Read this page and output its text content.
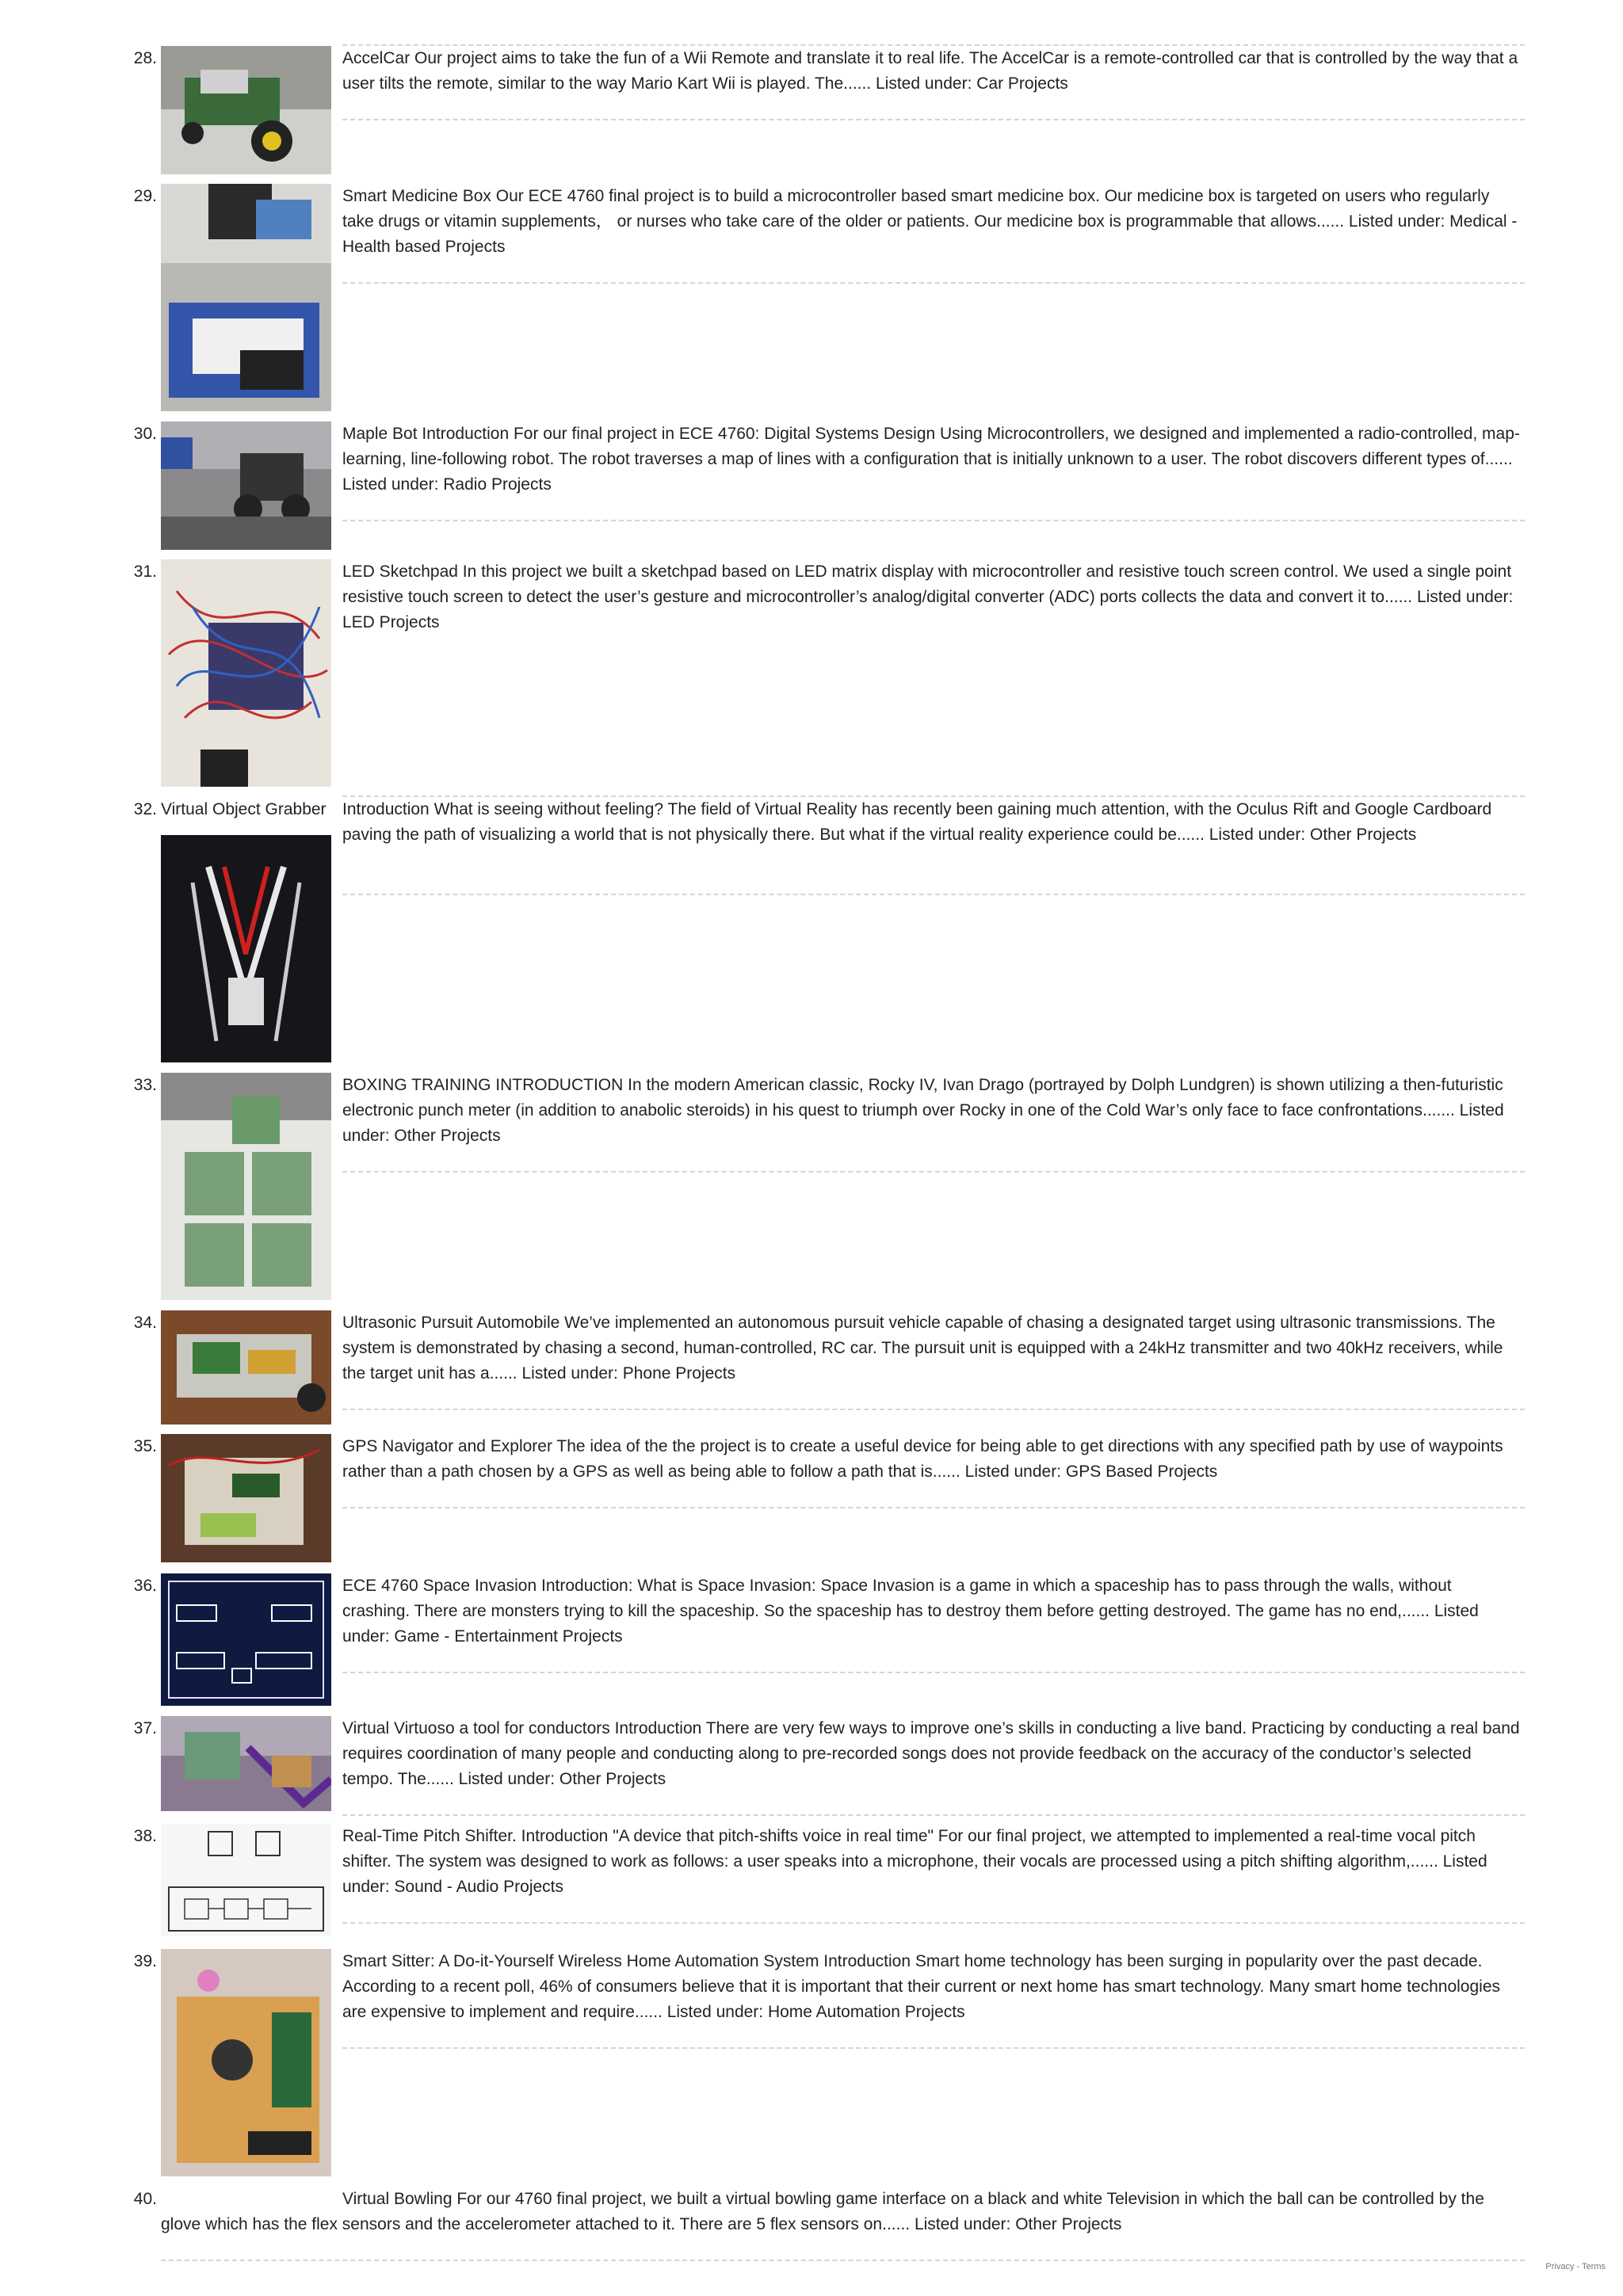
28.	AccelCar Our project aims to take the fun of a Wii Remote and translate it to real life. The AccelCar is a remote-controlled car that is controlled by the way that a user tilts the remote, similar to the way Mario Kart Wii is played. The...... Listed under: Car Projects

29.	Smart Medicine Box Our ECE 4760 final project is to build a microcontroller based smart medicine box. Our medicine box is targeted on users who regularly take drugs or vitamin supplements， or nurses who take care of the older or patients. Our medicine box is programmable that allows...... Listed under: Medical - Health based Projects

30.	Maple Bot Introduction For our final project in ECE 4760: Digital Systems Design Using Microcontrollers, we designed and implemented a radio-controlled, map-learning, line-following robot. The robot traverses a map of lines with a configuration that is initially unknown to a user. The robot discovers different types of...... Listed under: Radio Projects

31.	LED Sketchpad In this project we built a sketchpad based on LED matrix display with microcontroller and resistive touch screen control. We used a single point resistive touch screen to detect the user’s gesture and microcontroller’s analog/digital converter (ADC) ports collects the data and convert it to...... Listed under: LED Projects

32. Virtual Object Grabber Introduction What is seeing without feeling? The field of Virtual Reality has recently been gaining much attention, with the Oculus Rift and Google Cardboard paving the path of visualizing a world that is not physically there. But what if the virtual reality experience could be...... Listed under: Other Projects

33.	BOXING TRAINING INTRODUCTION In the modern American classic, Rocky IV, Ivan Drago (portrayed by Dolph Lundgren) is shown utilizing a then-futuristic electronic punch meter (in addition to anabolic steroids) in his quest to triumph over Rocky in one of the Cold War’s only face to face confrontations....... Listed under: Other Projects

34.	Ultrasonic Pursuit Automobile We’ve implemented an autonomous pursuit vehicle capable of chasing a designated target using ultrasonic transmissions. The system is demonstrated by chasing a second, human-controlled, RC car. The pursuit unit is equipped with a 24kHz transmitter and two 40kHz receivers, while the target unit has a...... Listed under: Phone Projects

35.	GPS Navigator and Explorer The idea of the the project is to create a useful device for being able to get directions with any specified path by use of waypoints rather than a path chosen by a GPS as well as being able to follow a path that is...... Listed under: GPS Based Projects

36.	ECE 4760 Space Invasion Introduction: What is Space Invasion: Space Invasion is a game in which a spaceship has to pass through the walls, without crashing. There are monsters trying to kill the spaceship. So the spaceship has to destroy them before getting destroyed. The game has no end,...... Listed under: Game - Entertainment Projects

37.	Virtual Virtuoso a tool for conductors Introduction There are very few ways to improve one’s skills in conducting a live band. Practicing by conducting a real band requires coordination of many people and conducting along to pre-recorded songs does not provide feedback on the accuracy of the conductor’s selected tempo. The...... Listed under: Other Projects

38.	Real-Time Pitch Shifter. Introduction "A device that pitch-shifts voice in real time" For our final project, we attempted to implemented a real-time vocal pitch shifter. The system was designed to work as follows: a user speaks into a microphone, their vocals are processed using a pitch shifting algorithm,...... Listed under: Sound - Audio Projects

39.	Smart Sitter: A Do-it-Yourself Wireless Home Automation System Introduction Smart home technology has been surging in popularity over the past decade. According to a recent poll, 46% of consumers believe that it is important that their current or next home has smart technology. Many smart home technologies are expensive to implement and require...... Listed under: Home Automation Projects

40.	Virtual Bowling For our 4760 final project, we built a virtual bowling game interface on a black and white Television in which the ball can be controlled by the glove which has the flex sensors and the accelerometer attached to it. There are 5 flex sensors on...... Listed under: Other Projects

Privacy - Terms
